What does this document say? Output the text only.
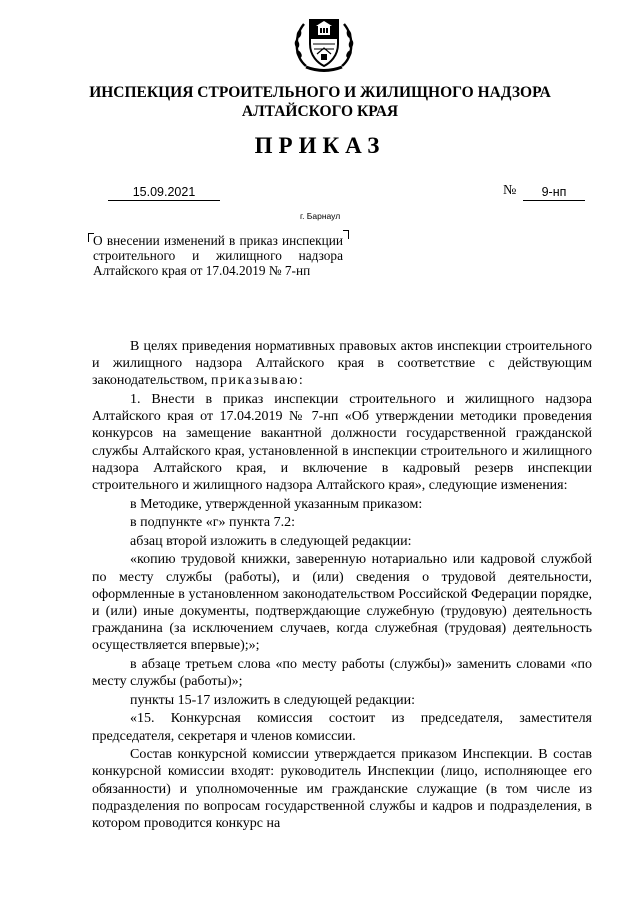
ИНСПЕКЦИЯ СТРОИТЕЛЬНОГО И ЖИЛИЩНОГО НАДЗОРА
АЛТАЙСКОГО КРАЯ
ПРИКАЗ
15.09.2021	№	9-нп
г. Барнаул
О внесении изменений в приказ инспекции строительного и жилищного надзора Алтайского края от 17.04.2019 № 7-нп

В целях приведения нормативных правовых актов инспекции строительного и жилищного надзора Алтайского края в соответствие с действующим законодательством, приказываю:

1. Внести в приказ инспекции строительного и жилищного надзора Алтайского края от 17.04.2019 № 7-нп «Об утверждении методики проведения конкурсов на замещение вакантной должности государственной гражданской службы Алтайского края, установленной в инспекции строительного и жилищного надзора Алтайского края, и включение в кадровый резерв инспекции строительного и жилищного надзора Алтайского края», следующие изменения:

в Методике, утвержденной указанным приказом:

в подпункте «г» пункта 7.2:

абзац второй изложить в следующей редакции:

«копию трудовой книжки, заверенную нотариально или кадровой службой по месту службы (работы), и (или) сведения о трудовой деятельности, оформленные в установленном законодательством Российской Федерации порядке, и (или) иные документы, подтверждающие служебную (трудовую) деятельность гражданина (за исключением случаев, когда служебная (трудовая) деятельность осуществляется впервые);»;

в абзаце третьем слова «по месту работы (службы)» заменить словами «по месту службы (работы)»;

пункты 15-17 изложить в следующей редакции:

«15. Конкурсная комиссия состоит из председателя, заместителя председателя, секретаря и членов комиссии.

Состав конкурсной комиссии утверждается приказом Инспекции. В состав конкурсной комиссии входят: руководитель Инспекции (лицо, исполняющее его обязанности) и уполномоченные им гражданские служащие (в том числе из подразделения по вопросам государственной службы и кадров и подразделения, в котором проводится конкурс на
